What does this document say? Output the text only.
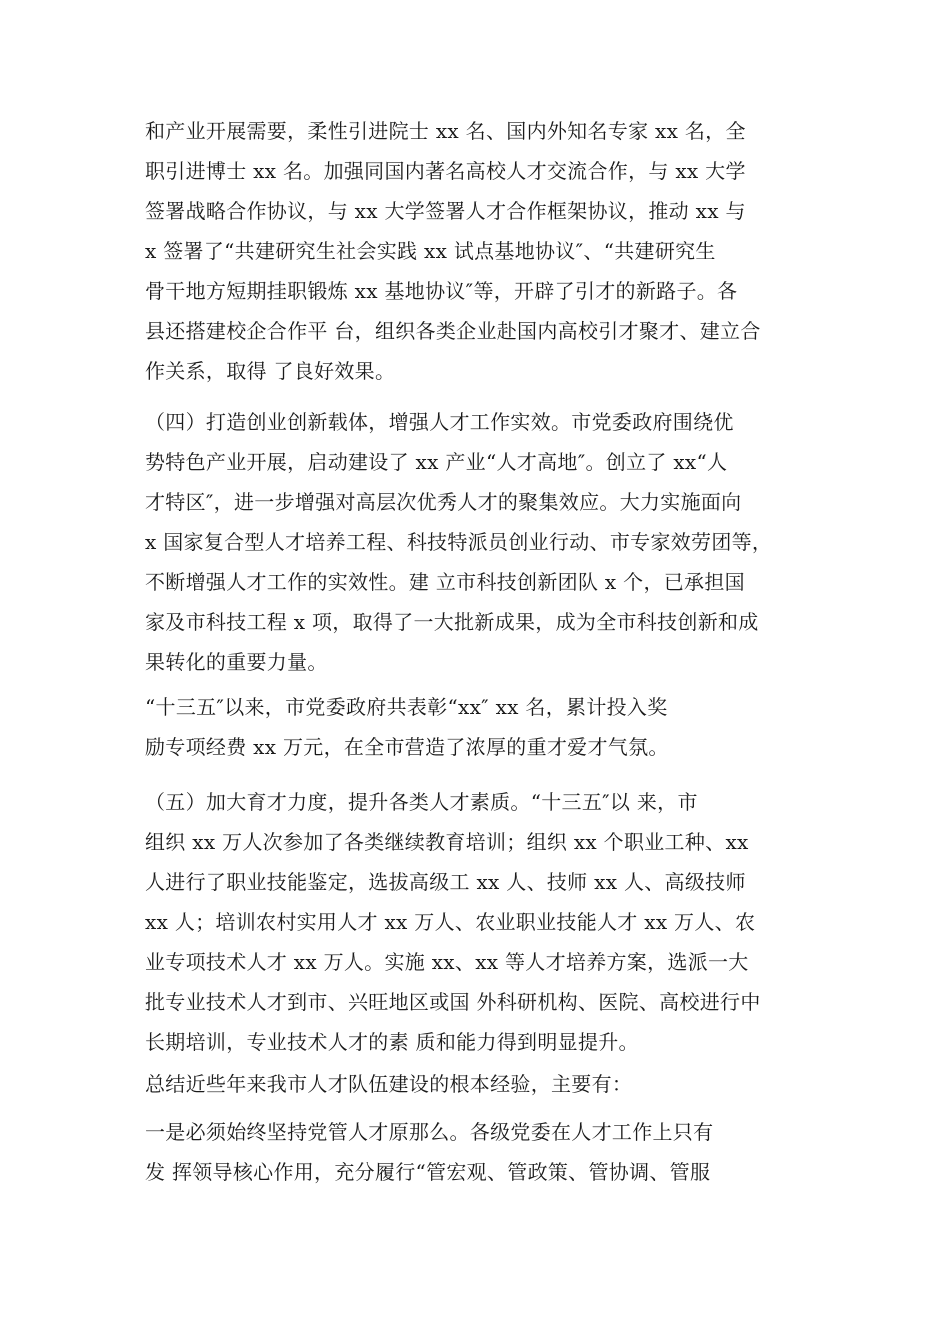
和产业开展需要，柔性引进院士 xx 名、国内外知名专家 xx 名，全
职引进博士 xx 名。加强同国内著名高校人才交流合作，与 xx 大学
签署战略合作协议，与 xx 大学签署人才合作框架协议，推动 xx 与
x 签署了“共建研究生社会实践 xx 试点基地协议″、“共建研究生
骨干地方短期挂职锻炼 xx 基地协议″等，开辟了引才的新路子。各
县还搭建校企合作平 台，组织各类企业赴国内高校引才聚才、建立合
作关系，取得 了良好效果。
（四）打造创业创新载体，增强人才工作实效。市党委政府围绕优
势特色产业开展，启动建设了 xx 产业“人才高地″。创立了 xx“人
才特区″，进一步增强对高层次优秀人才的聚集效应。大力实施面向
x 国家复合型人才培养工程、科技特派员创业行动、市专家效劳团等，
不断增强人才工作的实效性。建 立市科技创新团队 x 个，已承担国
家及市科技工程 x 项，取得了一大批新成果，成为全市科技创新和成
果转化的重要力量。
“十三五″以来，市党委政府共表彰“xx″ xx 名，累计投入奖
励专项经费 xx 万元，在全市营造了浓厚的重才爱才气氛。
（五）加大育才力度，提升各类人才素质。“十三五″以 来，市
组织 xx 万人次参加了各类继续教育培训；组织 xx 个职业工种、xx
人进行了职业技能鉴定，选拔高级工 xx 人、技师 xx 人、高级技师
xx 人；培训农村实用人才 xx 万人、农业职业技能人才 xx 万人、农
业专项技术人才 xx 万人。实施 xx、xx 等人才培养方案，选派一大
批专业技术人才到市、兴旺地区或国 外科研机构、医院、高校进行中
长期培训，专业技术人才的素 质和能力得到明显提升。
总结近些年来我市人才队伍建设的根本经验，主要有：
一是必须始终坚持党管人才原那么。各级党委在人才工作上只有
发 挥领导核心作用，充分履行“管宏观、管政策、管协调、管服
